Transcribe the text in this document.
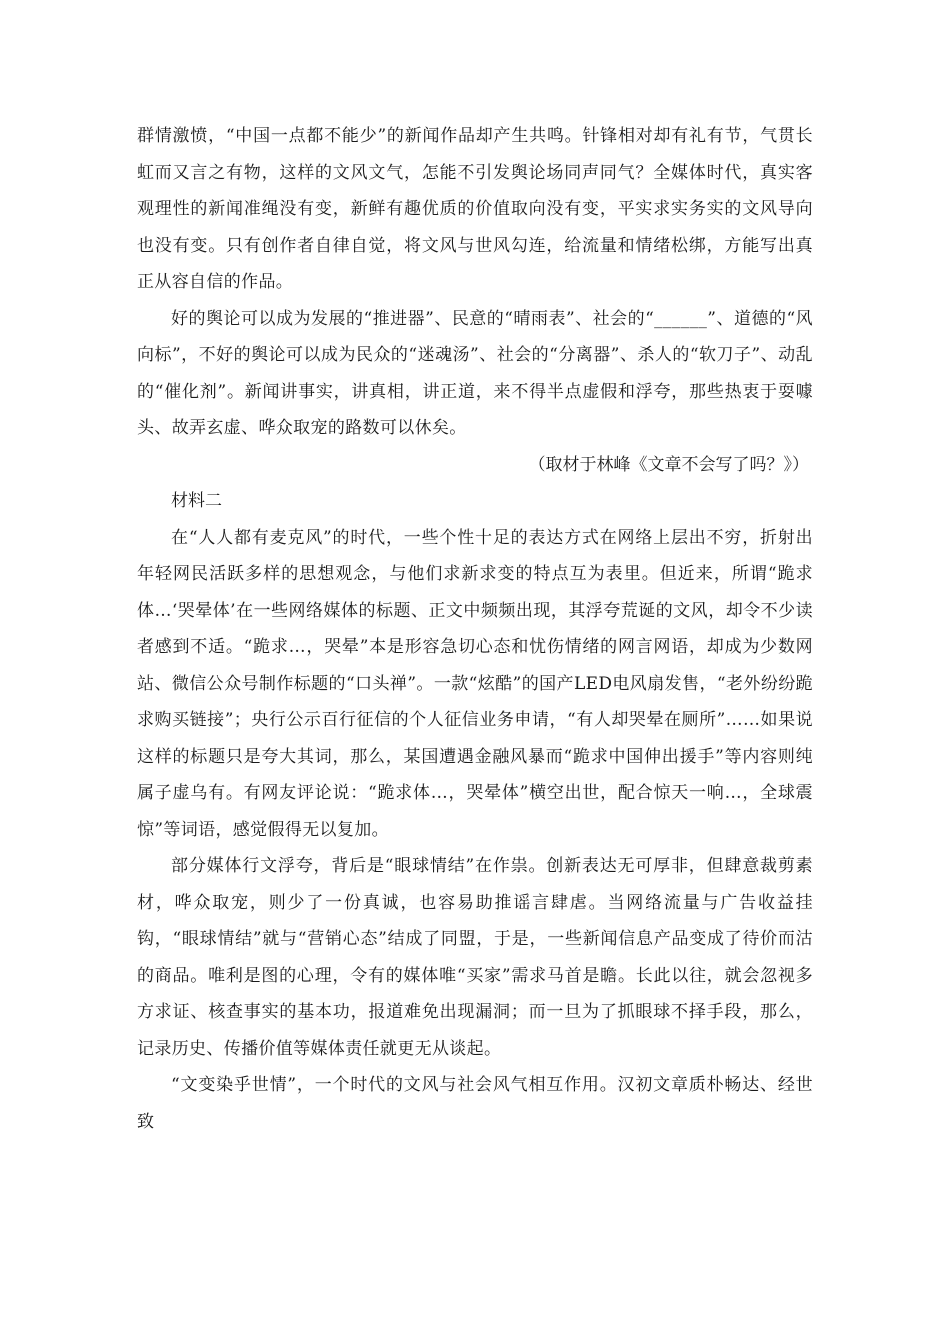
群情激愤，“中国一点都不能少”的新闻作品却产生共鸣。针锋相对却有礼有节，气贯长虹而又言之有物，这样的文风文气，怎能不引发舆论场同声同气？全媒体时代，真实客观理性的新闻准绳没有变，新鲜有趣优质的价值取向没有变，平实求实务实的文风导向也没有变。只有创作者自律自觉，将文风与世风勾连，给流量和情绪松绑，方能写出真正从容自信的作品。

好的舆论可以成为发展的“推进器”、民意的“晴雨表”、社会的“______”、道德的“风向标”，不好的舆论可以成为民众的“迷魂汤”、社会的“分离器”、杀人的“软刀子”、动乱的“催化剂”。新闻讲事实，讲真相，讲正道，来不得半点虚假和浮夸，那些热衷于耍噱头、故弄玄虚、哗众取宠的路数可以休矣。

（取材于林峰《文章不会写了吗？》）

材料二

在“人人都有麦克风”的时代，一些个性十足的表达方式在网络上层出不穷，折射出年轻网民活跃多样的思想观念，与他们求新求变的特点互为表里。但近来，所谓“跪求体…‘哭晕体’在一些网络媒体的标题、正文中频频出现，其浮夸荒诞的文风，却令不少读者感到不适。“跪求…，哭晕”本是形容急切心态和忧伤情绪的网言网语，却成为少数网站、微信公众号制作标题的“口头禅”。一款“炫酷”的国产LED电风扇发售，“老外纷纷跪求购买链接”；央行公示百行征信的个人征信业务申请，“有人却哭晕在厕所”……如果说这样的标题只是夸大其词，那么，某国遭遇金融风暴而“跪求中国伸出援手”等内容则纯属子虚乌有。有网友评论说：“跪求体…，哭晕体”横空出世，配合惊天一响…，全球震惊”等词语，感觉假得无以复加。

部分媒体行文浮夸，背后是“眼球情结”在作祟。创新表达无可厚非，但肆意裁剪素材，哗众取宠，则少了一份真诚，也容易助推谣言肆虐。当网络流量与广告收益挂钩，“眼球情结”就与“营销心态”结成了同盟，于是，一些新闻信息产品变成了待价而沽的商品。唯利是图的心理，令有的媒体唯“买家”需求马首是瞻。长此以往，就会忽视多方求证、核查事实的基本功，报道难免出现漏洞；而一旦为了抓眼球不择手段，那么，记录历史、传播价值等媒体责任就更无从谈起。

“文变染乎世情”，一个时代的文风与社会风气相互作用。汉初文章质朴畅达、经世致
